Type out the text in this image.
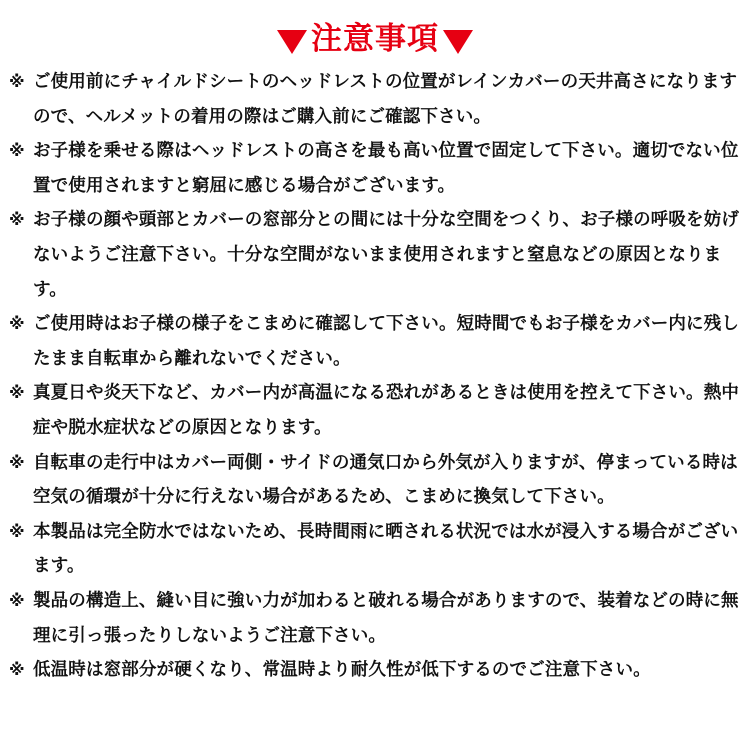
注意事項
※ ご使用前にチャイルドシートのヘッドレストの位置がレインカバーの天井高さになりますので、ヘルメットの着用の際はご購入前にご確認下さい。
※ お子様を乗せる際はヘッドレストの高さを最も高い位置で固定して下さい。適切でない位置で使用されますと窮屈に感じる場合がございます。
※ お子様の顔や頭部とカバーの窓部分との間には十分な空間をつくり、お子様の呼吸を妨げないようご注意下さい。十分な空間がないまま使用されますと窒息などの原因となります。
※ ご使用時はお子様の様子をこまめに確認して下さい。短時間でもお子様をカバー内に残したまま自転車から離れないでください。
※ 真夏日や炎天下など、カバー内が高温になる恐れがあるときは使用を控えて下さい。熱中症や脱水症状などの原因となります。
※ 自転車の走行中はカバー両側・サイドの通気口から外気が入りますが、停まっている時は空気の循環が十分に行えない場合があるため、こまめに換気して下さい。
※ 本製品は完全防水ではないため、長時間雨に晒される状況では水が浸入する場合がございます。
※ 製品の構造上、縫い目に強い力が加わると破れる場合がありますので、装着などの時に無理に引っ張ったりしないようご注意下さい。
※ 低温時は窓部分が硬くなり、常温時より耐久性が低下するのでご注意下さい。
